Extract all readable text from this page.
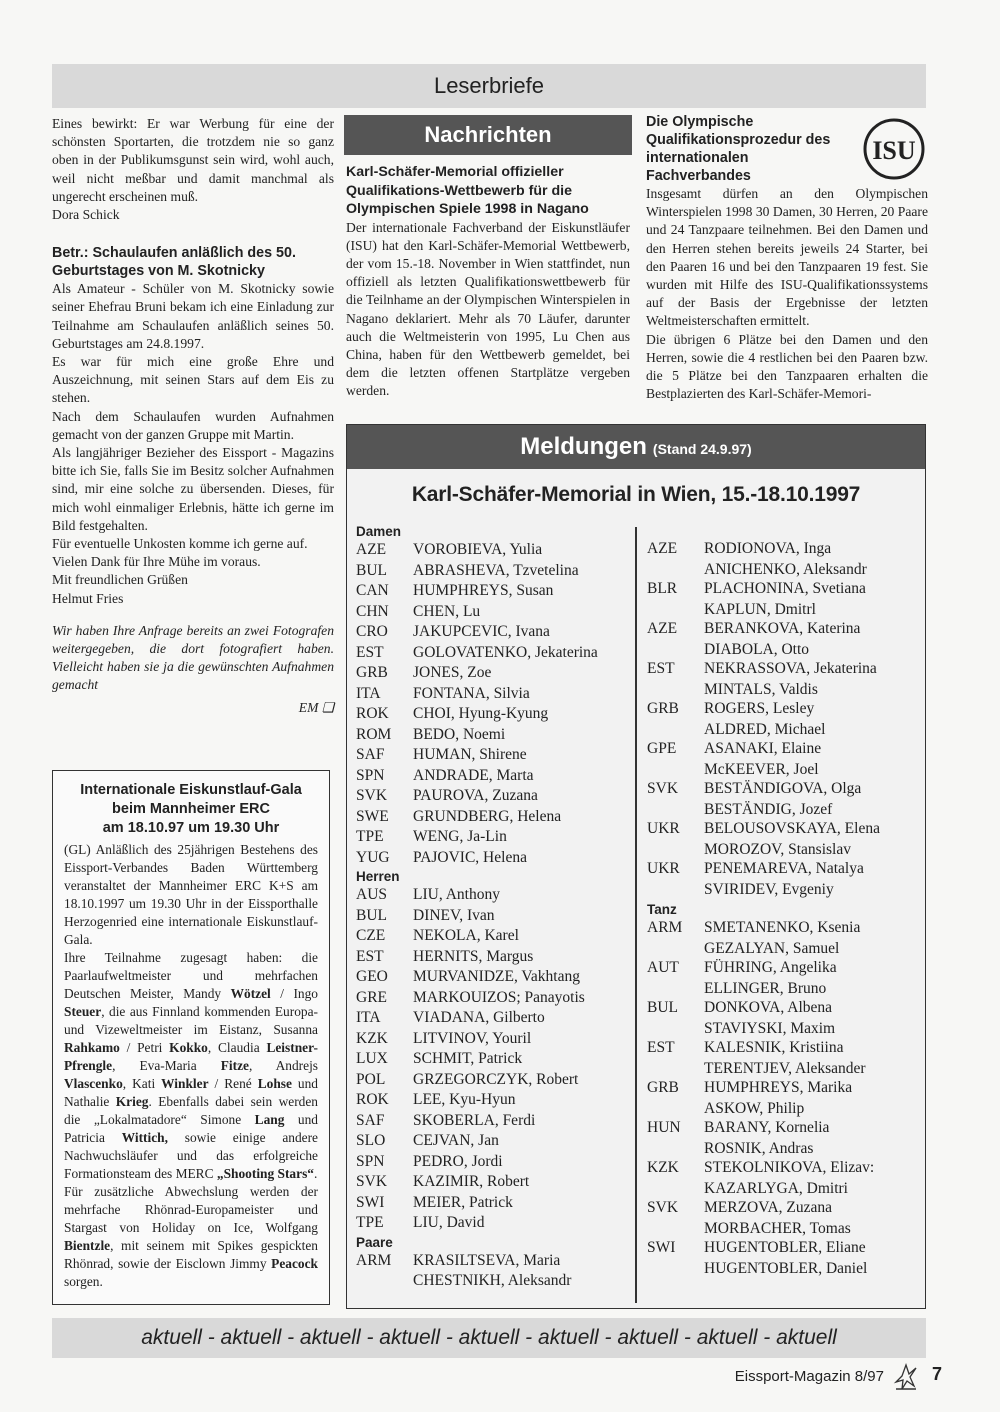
Leserbriefe

Eines bewirkt: Er war Werbung für eine der schönsten Sportarten, die trotzdem nie so ganz oben in der Publikumsgunst sein wird, wohl auch, weil nicht meßbar und damit manchmal als ungerecht erscheinen muß.

Dora Schick

Betr.: Schaulaufen anläßlich des 50. Geburtstages von M. Skotnicky

Als Amateur - Schüler von M. Skotnicky sowie seiner Ehefrau Bruni bekam ich eine Einladung zur Teilnahme am Schaulaufen anläßlich seines 50. Geburtstages am 24.8.1997.

Es war für mich eine große Ehre und Auszeichnung, mit seinen Stars auf dem Eis zu stehen.

Nach dem Schaulaufen wurden Aufnahmen gemacht von der ganzen Gruppe mit Martin.

Als langjähriger Bezieher des Eissport - Magazins bitte ich Sie, falls Sie im Besitz solcher Aufnahmen sind, mir eine solche zu übersenden. Dieses, für mich wohl einmaliger Erlebnis, hätte ich gerne im Bild festgehalten.

Für eventuelle Unkosten komme ich gerne auf.

Vielen Dank für Ihre Mühe im voraus.

Mit freundlichen Grüßen

Helmut Fries

Wir haben Ihre Anfrage bereits an zwei Fotografen weitergegeben, die dort fotografiert haben. Vielleicht haben sie ja die gewünschten Aufnahmen gemacht

EM ❏
Internationale Eiskunstlauf-Gala
beim Mannheimer ERC
am 18.10.97 um 19.30 Uhr

(GL) Anläßlich des 25jährigen Bestehens des Eissport-Verbandes Baden Württemberg veranstaltet der Mannheimer ERC K+S am 18.10.1997 um 19.30 Uhr in der Eissporthalle Herzogenried eine internationale Eiskunstlauf-Gala.

Ihre Teilnahme zugesagt haben: die Paarlaufweltmeister und mehrfachen Deutschen Meister, Mandy Wötzel / Ingo Steuer, die aus Finnland kommenden Europa- und Vizeweltmeister im Eistanz, Susanna Rahkamo / Petri Kokko, Claudia Leistner-Pfrengle, Eva-Maria Fitze, Andrejs Vlascenko, Kati Winkler / René Lohse und Nathalie Krieg. Ebenfalls dabei sein werden die „Lokalmatadore“ Simone Lang und Patricia Wittich, sowie einige andere Nachwuchsläufer und das erfolgreiche Formationsteam des MERC „Shooting Stars“.

Für zusätzliche Abwechslung werden der mehrfache Rhönrad-Europameister und Stargast von Holiday on Ice, Wolfgang Bientzle, mit seinem mit Spikes gespickten Rhönrad, sowie der Eisclown Jimmy Peacock sorgen.

Nachrichten
Karl-Schäfer-Memorial offizieller Qualifikations-Wettbewerb für die Olympischen Spiele 1998 in Nagano

Der internationale Fachverband der Eiskunstläufer (ISU) hat den Karl-Schäfer-Memorial Wettbewerb, der vom 15.-18. November in Wien stattfindet, nun offiziell als letzten Qualifikationswettbewerb für die Teilnhame an der Olympischen Winterspielen in Nagano deklariert. Mehr als 70 Läufer, darunter auch die Weltmeisterin von 1995, Lu Chen aus China, haben für den Wettbewerb gemeldet, bei dem die letzten offenen Startplätze vergeben werden.

Die Olympische Qualifikationsprozedur des internationalen Fachverbandes

Insgesamt dürfen an den Olympischen Winterspielen 1998 30 Damen, 30 Herren, 20 Paare und 24 Tanzpaare teilnehmen. Bei den Damen und den Herren stehen bereits jeweils 24 Starter, bei den Paaren 16 und bei den Tanzpaaren 19 fest. Sie wurden mit Hilfe des ISU-Qualifikationssystems auf der Basis der Ergebnisse der letzten Weltmeisterschaften ermittelt.

Die übrigen 6 Plätze bei den Damen und den Herren, sowie die 4 restlichen bei den Paaren bzw. die 5 Plätze bei den Tanzpaaren erhalten die Bestplazierten des Karl-Schäfer-Memori-

ISU
Meldungen (Stand 24.9.97)
Karl-Schäfer-Memorial in Wien, 15.-18.10.1997
Damen
AZE	VOROBIEVA, Yulia
BUL	ABRASHEVA, Tzvetelina
CAN	HUMPHREYS, Susan
CHN	CHEN, Lu
CRO	JAKUPCEVIC, Ivana
EST	GOLOVATENKO, Jekaterina
GRB	JONES, Zoe
ITA	FONTANA, Silvia
ROK	CHOI, Hyung-Kyung
ROM	BEDO, Noemi
SAF	HUMAN, Shirene
SPN	ANDRADE, Marta
SVK	PAUROVA, Zuzana
SWE	GRUNDBERG, Helena
TPE	WENG, Ja-Lin
YUG	PAJOVIC, Helena
Herren
AUS	LIU, Anthony
BUL	DINEV, Ivan
CZE	NEKOLA, Karel
EST	HERNITS, Margus
GEO	MURVANIDZE, Vakhtang
GRE	MARKOUIZOS; Panayotis
ITA	VIADANA, Gilberto
KZK	LITVINOV, Youril
LUX	SCHMIT, Patrick
POL	GRZEGORCZYK, Robert
ROK	LEE, Kyu-Hyun
SAF	SKOBERLA, Ferdi
SLO	CEJVAN, Jan
SPN	PEDRO, Jordi
SVK	KAZIMIR, Robert
SWI	MEIER, Patrick
TPE	LIU, David
Paare
ARM	KRASILTSEVA, Maria
CHESTNIKH, Aleksandr
AZE	RODIONOVA, Inga
ANICHENKO, Aleksandr
BLR	PLACHONINA, Svetiana
KAPLUN, Dmitrl
AZE	BERANKOVA, Katerina
DIABOLA, Otto
EST	NEKRASSOVA, Jekaterina
MINTALS, Valdis
GRB	ROGERS, Lesley
ALDRED, Michael
GPE	ASANAKI, Elaine
McKEEVER, Joel
SVK	BESTÄNDIGOVA, Olga
BESTÄNDIG, Jozef
UKR	BELOUSOVSKAYA, Elena
MOROZOV, Stansislav
UKR	PENEMAREVA, Natalya
SVIRIDEV, Evgeniy
Tanz
ARM	SMETANENKO, Ksenia
GEZALYAN, Samuel
AUT	FÜHRING, Angelika
ELLINGER, Bruno
BUL	DONKOVA, Albena
STAVIYSKI, Maxim
EST	KALESNIK, Kristiina
TERENTJEV, Aleksander
GRB	HUMPHREYS, Marika
ASKOW, Philip
HUN	BARANY, Kornelia
ROSNIK, Andras
KZK	STEKOLNIKOVA, Elizav:
KAZARLYGA, Dmitri
SVK	MERZOVA, Zuzana
MORBACHER, Tomas
SWI	HUGENTOBLER, Eliane
HUGENTOBLER, Daniel
aktuell - aktuell - aktuell - aktuell - aktuell - aktuell - aktuell - aktuell - aktuell
Eissport-Magazin 8/97	7
